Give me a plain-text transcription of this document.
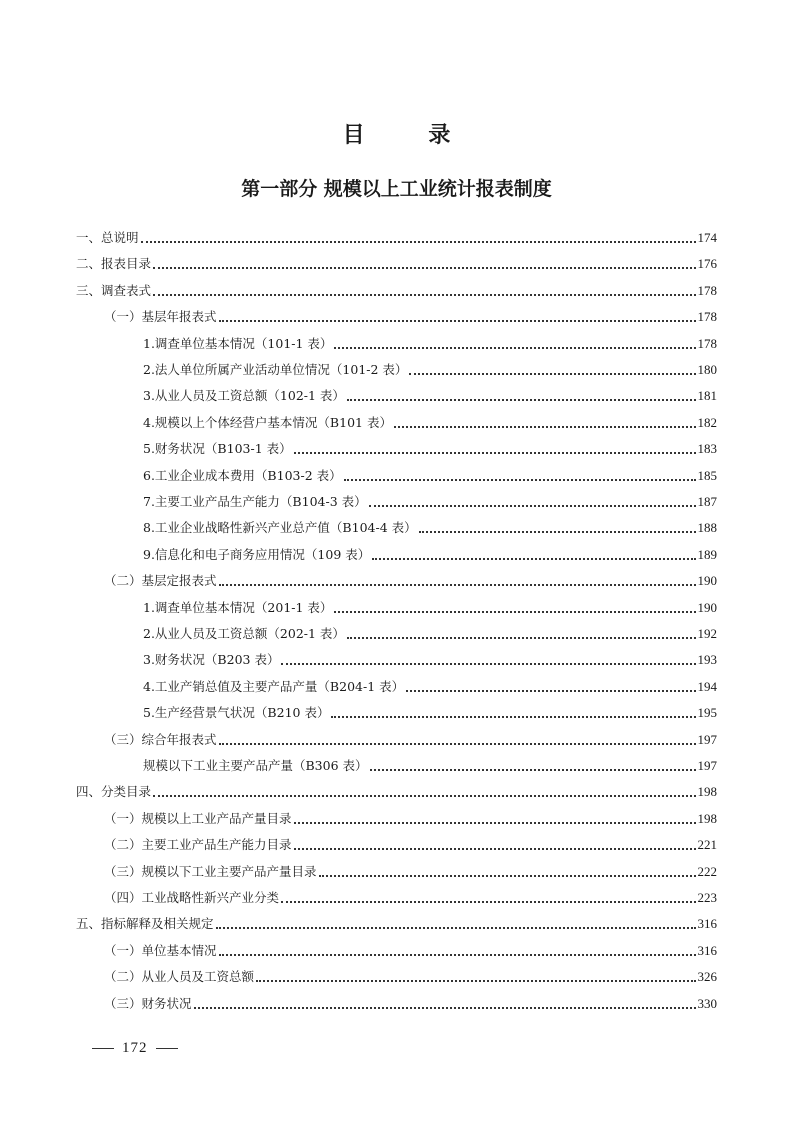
目 录
第一部分 规模以上工业统计报表制度
一、总说明	174
二、报表目录	176
三、调查表式	178
（一）基层年报表式	178
1.调查单位基本情况（101-1 表）	178
2.法人单位所属产业活动单位情况（101-2 表）	180
3.从业人员及工资总额（102-1 表）	181
4.规模以上个体经营户基本情况（B101 表）	182
5.财务状况（B103-1 表）	183
6.工业企业成本费用（B103-2 表）	185
7.主要工业产品生产能力（B104-3 表）	187
8.工业企业战略性新兴产业总产值（B104-4 表）	188
9.信息化和电子商务应用情况（109 表）	189
（二）基层定报表式	190
1.调查单位基本情况（201-1 表）	190
2.从业人员及工资总额（202-1 表）	192
3.财务状况（B203 表）	193
4.工业产销总值及主要产品产量（B204-1 表）	194
5.生产经营景气状况（B210 表）	195
（三）综合年报表式	197
规模以下工业主要产品产量（B306 表）	197
四、分类目录	198
（一）规模以上工业产品产量目录	198
（二）主要工业产品生产能力目录	221
（三）规模以下工业主要产品产量目录	222
（四）工业战略性新兴产业分类	223
五、指标解释及相关规定	316
（一）单位基本情况	316
（二）从业人员及工资总额	326
（三）财务状况	330
172
